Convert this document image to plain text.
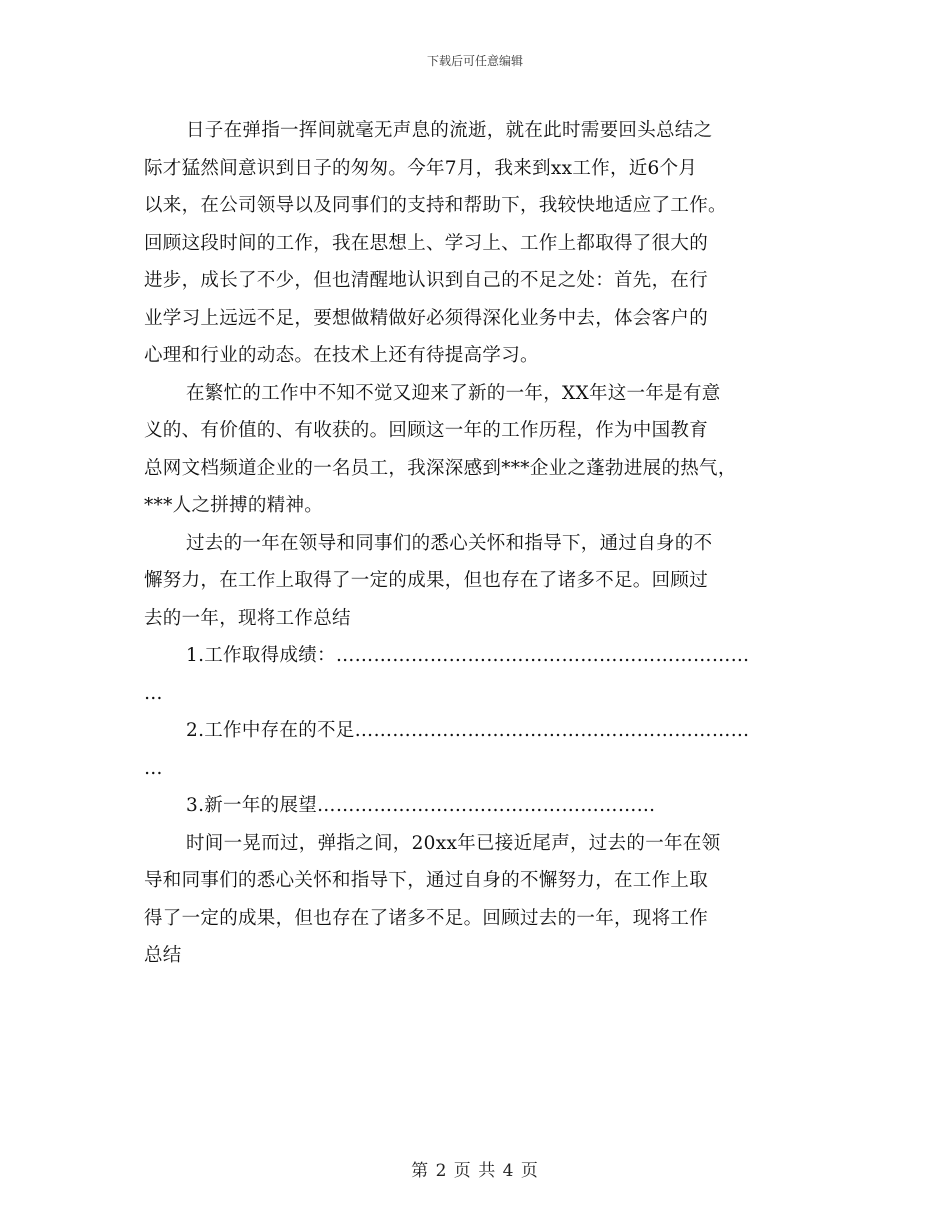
下载后可任意编辑
日子在弹指一挥间就毫无声息的流逝，就在此时需要回头总结之
际才猛然间意识到日子的匆匆。今年7月，我来到xx工作，近6个月
以来，在公司领导以及同事们的支持和帮助下，我较快地适应了工作。
回顾这段时间的工作，我在思想上、学习上、工作上都取得了很大的
进步，成长了不少，但也清醒地认识到自己的不足之处：首先，在行
业学习上远远不足，要想做精做好必须得深化业务中去，体会客户的
心理和行业的动态。在技术上还有待提高学习。
在繁忙的工作中不知不觉又迎来了新的一年，XX年这一年是有意
义的、有价值的、有收获的。回顾这一年的工作历程，作为中国教育
总网文档频道企业的一名员工，我深深感到***企业之蓬勃进展的热气，
***人之拼搏的精神。
过去的一年在领导和同事们的悉心关怀和指导下，通过自身的不
懈努力，在工作上取得了一定的成果，但也存在了诸多不足。回顾过
去的一年，现将工作总结
1.工作取得成绩：…………………………………………………………
…
2.工作中存在的不足………………………………………………………
…
3.新一年的展望………………………………………………
时间一晃而过，弹指之间，20xx年已接近尾声，过去的一年在领
导和同事们的悉心关怀和指导下，通过自身的不懈努力，在工作上取
得了一定的成果，但也存在了诸多不足。回顾过去的一年，现将工作
总结
第 2 页 共 4 页
